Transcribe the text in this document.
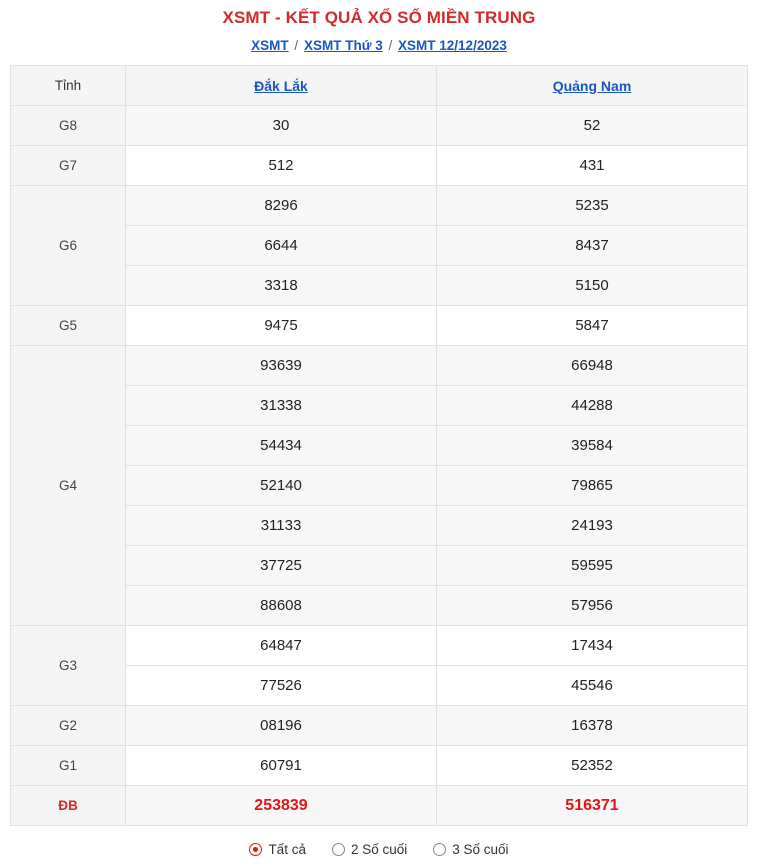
XSMT - KẾT QUẢ XỔ SỐ MIỀN TRUNG
XSMT / XSMT Thứ 3 / XSMT 12/12/2023
Tỉnh	Đắk Lắk	Quảng Nam
G8	30	52
G7	512	431
G6	8296	5235
	6644	8437
	3318	5150
G5	9475	5847
G4	93639	66948
	31338	44288
	54434	39584
	52140	79865
	31133	24193
	37725	59595
	88608	57956
G3	64847	17434
	77526	45546
G2	08196	16378
G1	60791	52352
ĐB	253839	516371
Tất cả	2 Số cuối	3 Số cuối
